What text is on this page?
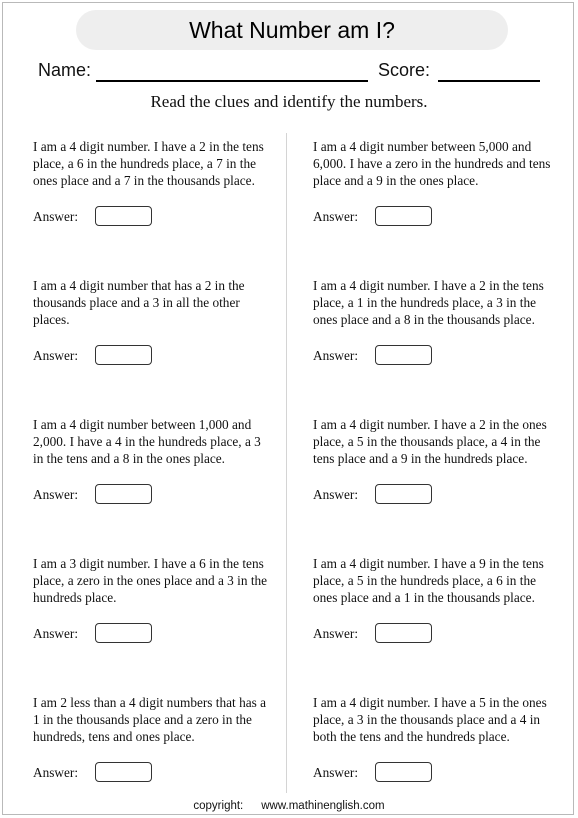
What Number am I?
Name:	Score:
Read the clues and identify the numbers.

I am a 4 digit number. I have a 2 in the tens place, a 6 in the hundreds place, a 7 in the ones place and a 7 in the thousands place.

Answer:

I am a 4 digit number that has a 2 in the thousands place and a 3 in all the other places.

Answer:

I am a 4 digit number between 1,000 and 2,000. I have a 4 in the hundreds place, a 3 in the tens and a 8 in the ones place.

Answer:

I am a 3 digit number. I have a 6 in the tens place, a zero in the ones place and a 3 in the hundreds place.

Answer:

I am 2 less than a 4 digit numbers that has a 1 in the thousands place and a zero in the hundreds, tens and ones place.

Answer:

I am a 4 digit number between 5,000 and 6,000. I have a zero in the hundreds and tens place and a 9 in the ones place.

Answer:

I am a 4 digit number. I have a 2 in the tens place, a 1 in the hundreds place, a 3 in the ones place and a 8 in the thousands place.

Answer:

I am a 4 digit number. I have a 2 in the ones place, a 5 in the thousands place, a 4 in the tens place and a 9 in the hundreds place.

Answer:

I am a 4 digit number. I have a 9 in the tens place, a 5 in the hundreds place, a 6 in the ones place and a 1 in the thousands place.

Answer:

I am a 4 digit number. I have a 5 in the ones place, a 3 in the thousands place and a 4 in both the tens and the hundreds place.

Answer:
copyright: www.mathinenglish.com
